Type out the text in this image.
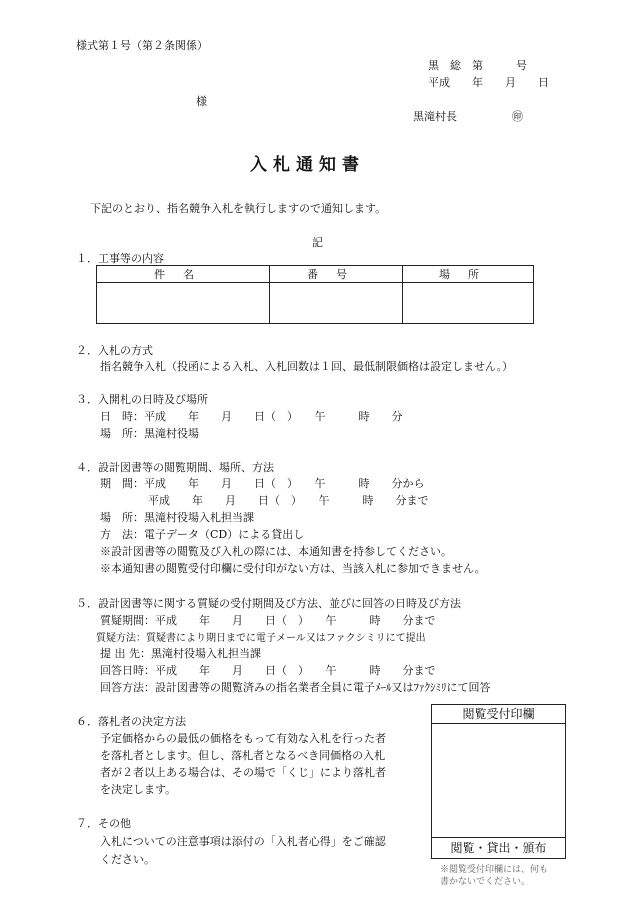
様式第１号（第２条関係）
黒　総　第　　　号
平成　　年　　月　　日
様
黒滝村長　　　　　㊞
入札通知書
下記のとおり、指名競争入札を執行しますので通知します。
記
１．工事等の内容
件名	番号	場所

２．入札の方式
指名競争入札（投函による入札、入札回数は１回、最低制限価格は設定しません。）
３．入開札の日時及び場所
日　時：平成　　年　　月　　日（　）　　午　　　時　　分
場　所：黒滝村役場
４．設計図書等の閲覧期間、場所、方法
期　間：平成　　年　　月　　日（　）　　午　　　時　　分から
平成　　年　　月　　日（　）　　午　　　時　　分まで
場　所：黒滝村役場入札担当課
方　法：電子データ（CD）による貸出し
※設計図書等の閲覧及び入札の際には、本通知書を持参してください。
※本通知書の閲覧受付印欄に受付印がない方は、当該入札に参加できません。
５．設計図書等に関する質疑の受付期間及び方法、並びに回答の日時及び方法
質疑期間：平成　　年　　月　　日（　）　　午　　　時　　分まで
質疑方法：質疑書により期日までに電子メール又はファクシミリにて提出
提 出 先：黒滝村役場入札担当課
回答日時：平成　　年　　月　　日（　）　　午　　　時　　分まで
回答方法：設計図書等の閲覧済みの指名業者全員に電子ﾒｰﾙ又はﾌｧｸｼﾐﾘにて回答
６．落札者の決定方法
予定価格からの最低の価格をもって有効な入札を行った者
を落札者とします。但し、落札者となるべき同価格の入札
者が２者以上ある場合は、その場で「くじ」により落札者
を決定します。
７．その他
入札についての注意事項は添付の「入札者心得」をご確認
ください。
閲覧受付印欄
閲覧・貸出・頒布
※閲覧受付印欄には、何も
書かないでください。
